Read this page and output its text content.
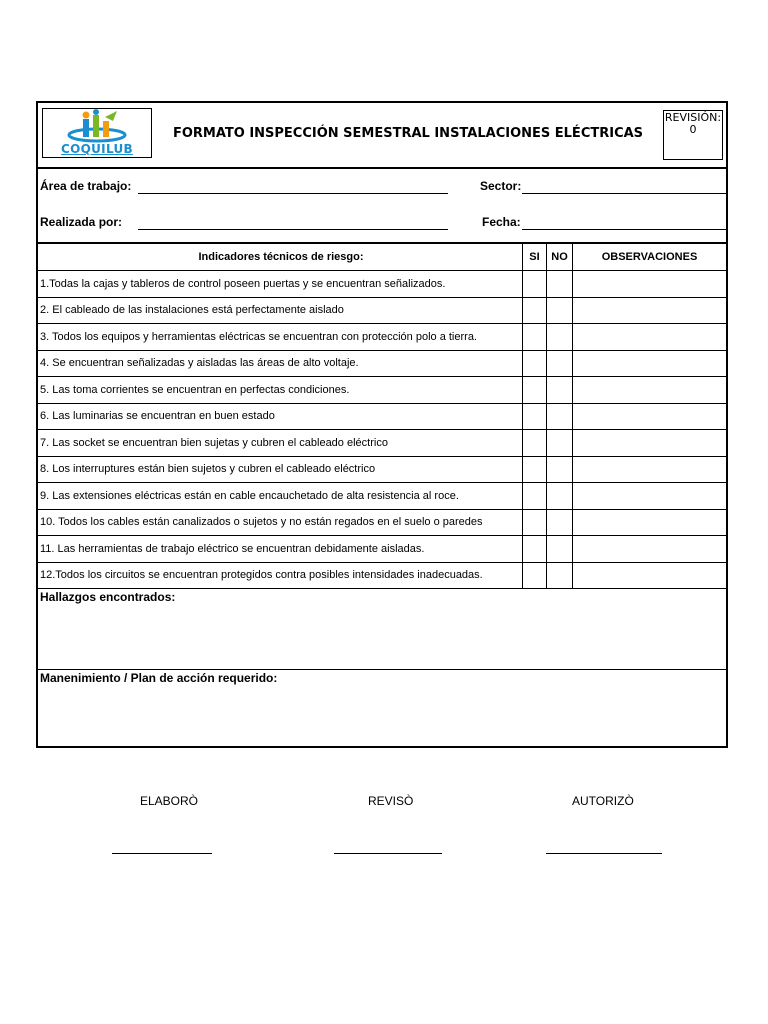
COQUILUB
FORMATO INSPECCIÓN SEMESTRAL INSTALACIONES ELÉCTRICAS
REVISIÓN:
0
Área de trabajo:	Sector:
Realizada por:	Fecha:
Indicadores técnicos de riesgo:	SI	NO	OBSERVACIONES
1.Todas la cajas y tableros de control poseen puertas y se encuentran señalizados.
2. El cableado de las instalaciones está perfectamente aislado
3. Todos los equipos y herramientas eléctricas se encuentran con protección polo a tierra.
4. Se encuentran señalizadas y aisladas las áreas de alto voltaje.
5. Las toma corrientes se encuentran en perfectas condiciones.
6. Las luminarias se encuentran en buen estado
7. Las socket se encuentran bien sujetas y cubren el cableado eléctrico
8. Los interruptures están bien sujetos y cubren el cableado eléctrico
9. Las extensiones eléctricas están en cable encauchetado de alta resistencia al roce.
10. Todos los cables están canalizados o sujetos y no están regados en el suelo o paredes
11. Las herramientas de trabajo eléctrico se encuentran debidamente aisladas.
12.Todos los circuitos se encuentran protegidos contra posibles intensidades inadecuadas.
Hallazgos encontrados:
Manenimiento / Plan de acción requerido:
ELABORÒ	REVISÒ	AUTORIZÒ
